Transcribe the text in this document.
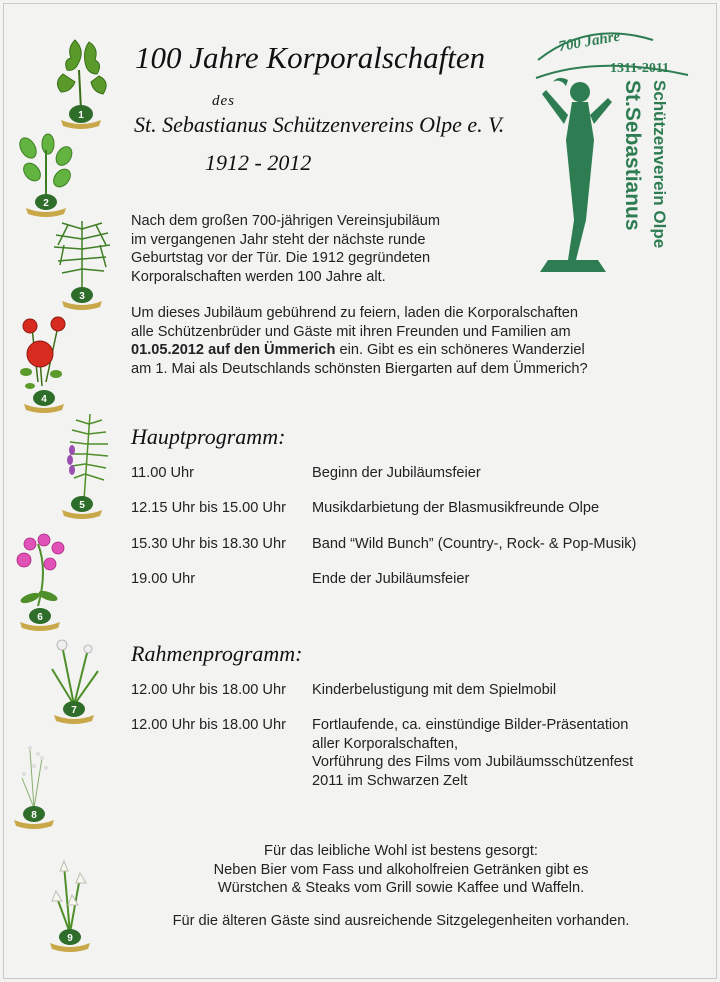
100 Jahre Korporalschaften
des
St. Sebastianus Schützenvereins Olpe e. V.
1912 - 2012
700 Jahre
1311-2011
St.Sebastianus Schützenverein Olpe
Nach dem großen 700-jährigen Vereinsjubiläum
im vergangenen Jahr steht der nächste runde
Geburtstag vor der Tür. Die 1912 gegründeten
Korporalschaften werden 100 Jahre alt.
Um dieses Jubiläum gebührend zu feiern, laden die Korporalschaften
alle Schützenbrüder und Gäste mit ihren Freunden und Familien am
01.05.2012 auf den Ümmerich ein. Gibt es ein schöneres Wanderziel
am 1. Mai als Deutschlands schönsten Biergarten auf dem Ümmerich?
Hauptprogramm:
11.00 Uhr	Beginn der Jubiläumsfeier
12.15 Uhr bis 15.00 Uhr Musikdarbietung der Blasmusikfreunde Olpe
15.30 Uhr bis 18.30 Uhr Band “Wild Bunch” (Country-, Rock- & Pop-Musik)
19.00 Uhr	Ende der Jubiläumsfeier
Rahmenprogramm:
12.00 Uhr bis 18.00 Uhr Kinderbelustigung mit dem Spielmobil
12.00 Uhr bis 18.00 Uhr Fortlaufende, ca. einstündige Bilder-Präsentation
aller Korporalschaften,
Vorführung des Films vom Jubiläumsschützenfest
2011 im Schwarzen Zelt
Für das leibliche Wohl ist bestens gesorgt:
Neben Bier vom Fass und alkoholfreien Getränken gibt es
Würstchen & Steaks vom Grill sowie Kaffee und Waffeln.
Für die älteren Gäste sind ausreichende Sitzgelegenheiten vorhanden.
1
2
3
4
5
6
7
8
9
